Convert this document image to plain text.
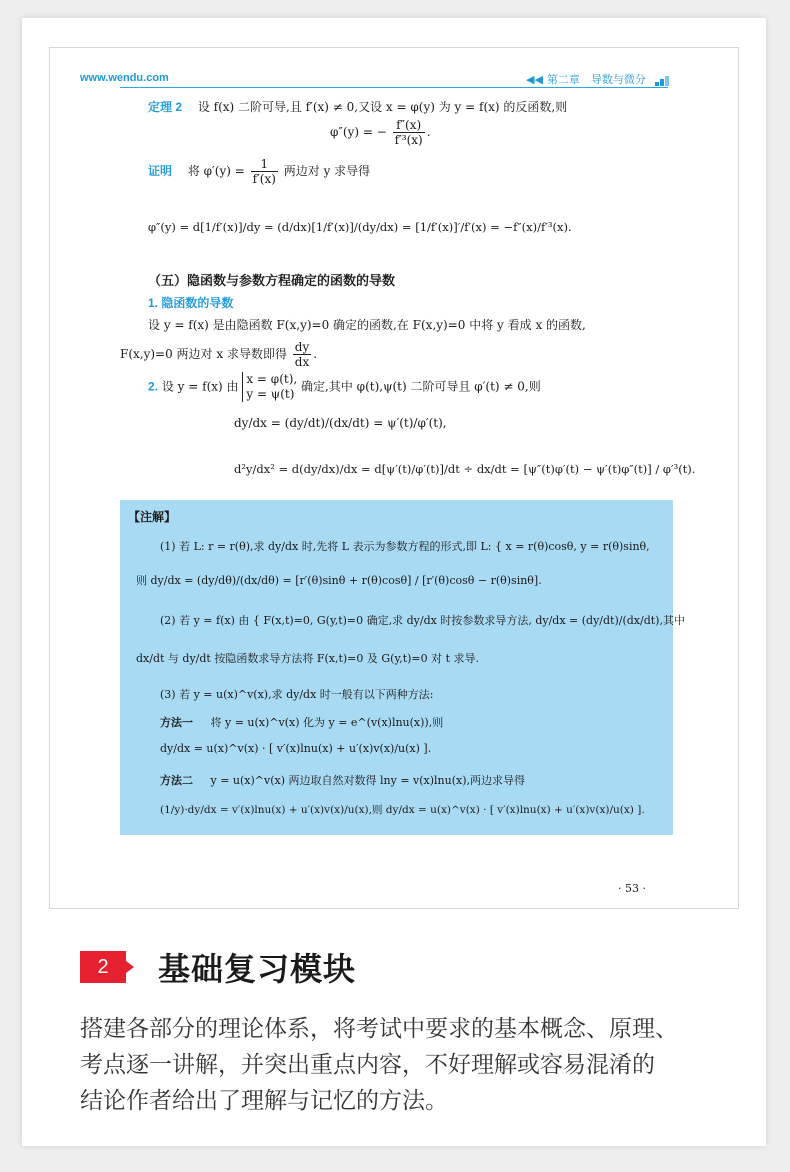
www.wendu.com	◀◀ 第二章　导数与微分
定理 2 设 f(x) 二阶可导,且 f′(x) ≠ 0,又设 x = φ(y) 为 y = f(x) 的反函数,则
φ″(y) = − $\frac{f''(x)}{\text{f′³(x)}}$ .
证明 将 $\varphi'(y) = \frac{1}{f'(x)}$ 两边对 y 求导得
φ″(y) = d[1/f′(x)]/dy = (d/dx)[1/f′(x)]/(dy/dx) = [1/f′(x)]′/f′(x) = −f″(x)/f′³(x).
（五）隐函数与参数方程确定的函数的导数
1. 隐函数的导数
设 y = f(x) 是由隐函数 F(x,y)=0 确定的函数,在 F(x,y)=0 中将 y 看成 x 的函数,
F(x,y)=0 两边对 x 求导数即得 $\frac{dy}{dx}$ .
2. 设 y = f(x) 由
x = φ(t),
y = ψ(t)
确定,其中 φ(t),ψ(t) 二阶可导且 φ′(t) ≠ 0,则
dy/dx = (dy/dt)/(dx/dt) = ψ′(t)/φ′(t),
d²y/dx² = d(dy/dx)/dx = d[ψ′(t)/φ′(t)]/dt ÷ dx/dt = [ψ″(t)φ′(t) − ψ′(t)φ″(t)] / φ′³(t).
【注解】
(1) 若 L: r = r(θ),求 dy/dx 时,先将 L 表示为参数方程的形式,即 L: { x = r(θ)cosθ, y = r(θ)sinθ,
则 dy/dx = (dy/dθ)/(dx/dθ) = [r′(θ)sinθ + r(θ)cosθ] / [r′(θ)cosθ − r(θ)sinθ].
(2) 若 y = f(x) 由 { F(x,t)=0, G(y,t)=0 确定,求 dy/dx 时按参数求导方法, dy/dx = (dy/dt)/(dx/dt),其中
dx/dt 与 dy/dt 按隐函数求导方法将 F(x,t)=0 及 G(y,t)=0 对 t 求导.
(3) 若 y = u(x)^v(x),求 dy/dx 时一般有以下两种方法:
方法一 将 y = u(x)^v(x) 化为 y = e^(v(x)lnu(x)),则
dy/dx = u(x)^v(x) · [ v′(x)lnu(x) + u′(x)v(x)/u(x) ].
方法二 y = u(x)^v(x) 两边取自然对数得 lny = v(x)lnu(x),两边求导得
(1/y)·dy/dx = v′(x)lnu(x) + u′(x)v(x)/u(x),则 dy/dx = u(x)^v(x) · [ v′(x)lnu(x) + u′(x)v(x)/u(x) ].
· 53 ·
2	基础复习模块
搭建各部分的理论体系，将考试中要求的基本概念、原理、
考点逐一讲解，并突出重点内容，不好理解或容易混淆的
结论作者给出了理解与记忆的方法。
